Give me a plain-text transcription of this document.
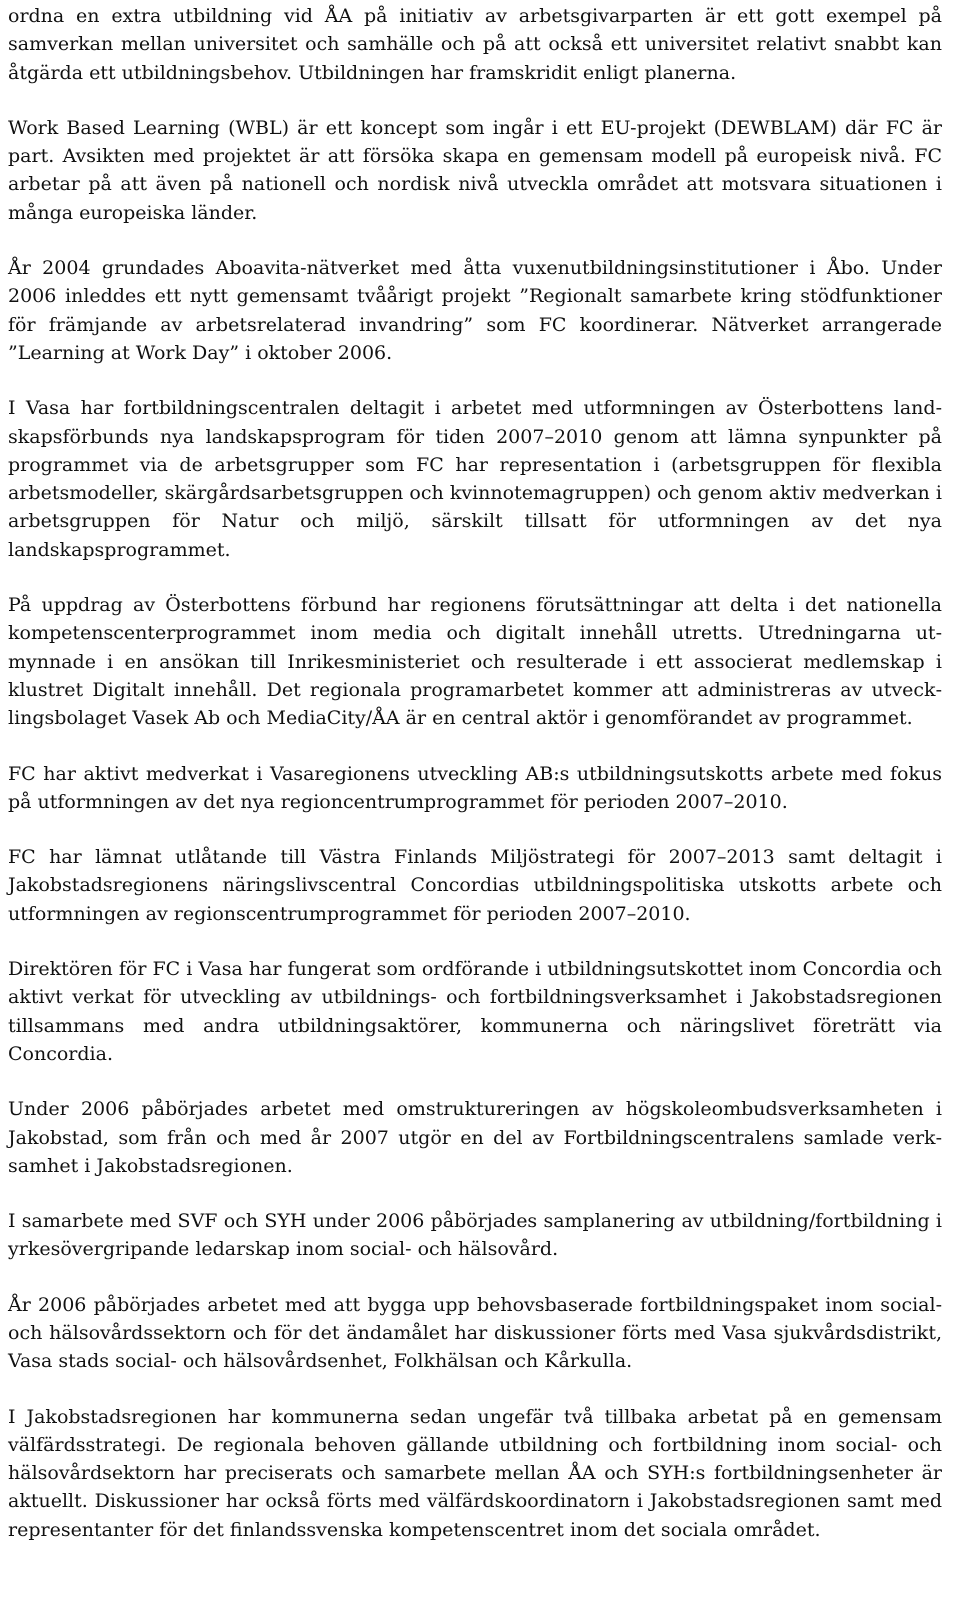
ordna en extra utbildning vid ÅA på initiativ av arbetsgivarparten är ett gott exempel på samverkan mellan universitet och samhälle och på att också ett universitet relativt snabbt kan åtgärda ett utbildningsbehov. Utbildningen har framskridit enligt planerna.

Work Based Learning (WBL) är ett koncept som ingår i ett EU-projekt (DEWBLAM) där FC är part. Avsikten med projektet är att försöka skapa en gemensam modell på europeisk nivå. FC arbetar på att även på nationell och nordisk nivå utveckla området att motsvara situationen i många europeiska länder.

År 2004 grundades Aboavita-nätverket med åtta vuxenutbildningsinstitutioner i Åbo. Under 2006 inleddes ett nytt gemensamt tvåårigt projekt ”Regionalt samarbete kring stödfunktioner för främjande av arbetsrelaterad invandring” som FC koordinerar. Nätverket arrangerade ”Learning at Work Day” i oktober 2006.

I Vasa har fortbildningscentralen deltagit i arbetet med utformningen av Österbottens landskapsförbunds nya landskapsprogram för tiden 2007–2010 genom att lämna synpunkter på programmet via de arbetsgrupper som FC har representation i (arbetsgruppen för flexibla arbetsmodeller, skärgårdsarbetsgruppen och kvinnotemagruppen) och genom aktiv medverkan i arbetsgruppen för Natur och miljö, särskilt tillsatt för utformningen av det nya landskapsprogrammet.

På uppdrag av Österbottens förbund har regionens förutsättningar att delta i det nationella kompetenscenterprogrammet inom media och digitalt innehåll utretts. Utredningarna utmynnade i en ansökan till Inrikesministeriet och resulterade i ett associerat medlemskap i klustret Digitalt innehåll. Det regionala programarbetet kommer att administreras av utvecklingsbolaget Vasek Ab och MediaCity/ÅA är en central aktör i genomförandet av programmet.

FC har aktivt medverkat i Vasaregionens utveckling AB:s utbildningsutskotts arbete med fokus på utformningen av det nya regioncentrumprogrammet för perioden 2007–2010.

FC har lämnat utlåtande till Västra Finlands Miljöstrategi för 2007–2013 samt deltagit i Jakobstadsregionens näringslivscentral Concordias utbildningspolitiska utskotts arbete och utformningen av regionscentrumprogrammet för perioden 2007–2010.

Direktören för FC i Vasa har fungerat som ordförande i utbildningsutskottet inom Concordia och aktivt verkat för utveckling av utbildnings- och fortbildningsverksamhet i Jakobstadsregionen tillsammans med andra utbildningsaktörer, kommunerna och näringslivet företrätt via Concordia.

Under 2006 påbörjades arbetet med omstruktureringen av högskoleombudsverksamheten i Jakobstad, som från och med år 2007 utgör en del av Fortbildningscentralens samlade verksamhet i Jakobstadsregionen.

I samarbete med SVF och SYH under 2006 påbörjades samplanering av utbildning/fortbildning i yrkesövergripande ledarskap inom social- och hälsovård.

År 2006 påbörjades arbetet med att bygga upp behovsbaserade fortbildningspaket inom social- och hälsovårdssektorn och för det ändamålet har diskussioner förts med Vasa sjukvårdsdistrikt, Vasa stads social- och hälsovårdsenhet, Folkhälsan och Kårkulla.

I Jakobstadsregionen har kommunerna sedan ungefär två tillbaka arbetat på en gemensam välfärdsstrategi. De regionala behoven gällande utbildning och fortbildning inom social- och hälsovårdsektorn har preciserats och samarbete mellan ÅA och SYH:s fortbildningsenheter är aktuellt. Diskussioner har också förts med välfärdskoordinatorn i Jakobstadsregionen samt med representanter för det finlandssvenska kompetenscentret inom det sociala området.
